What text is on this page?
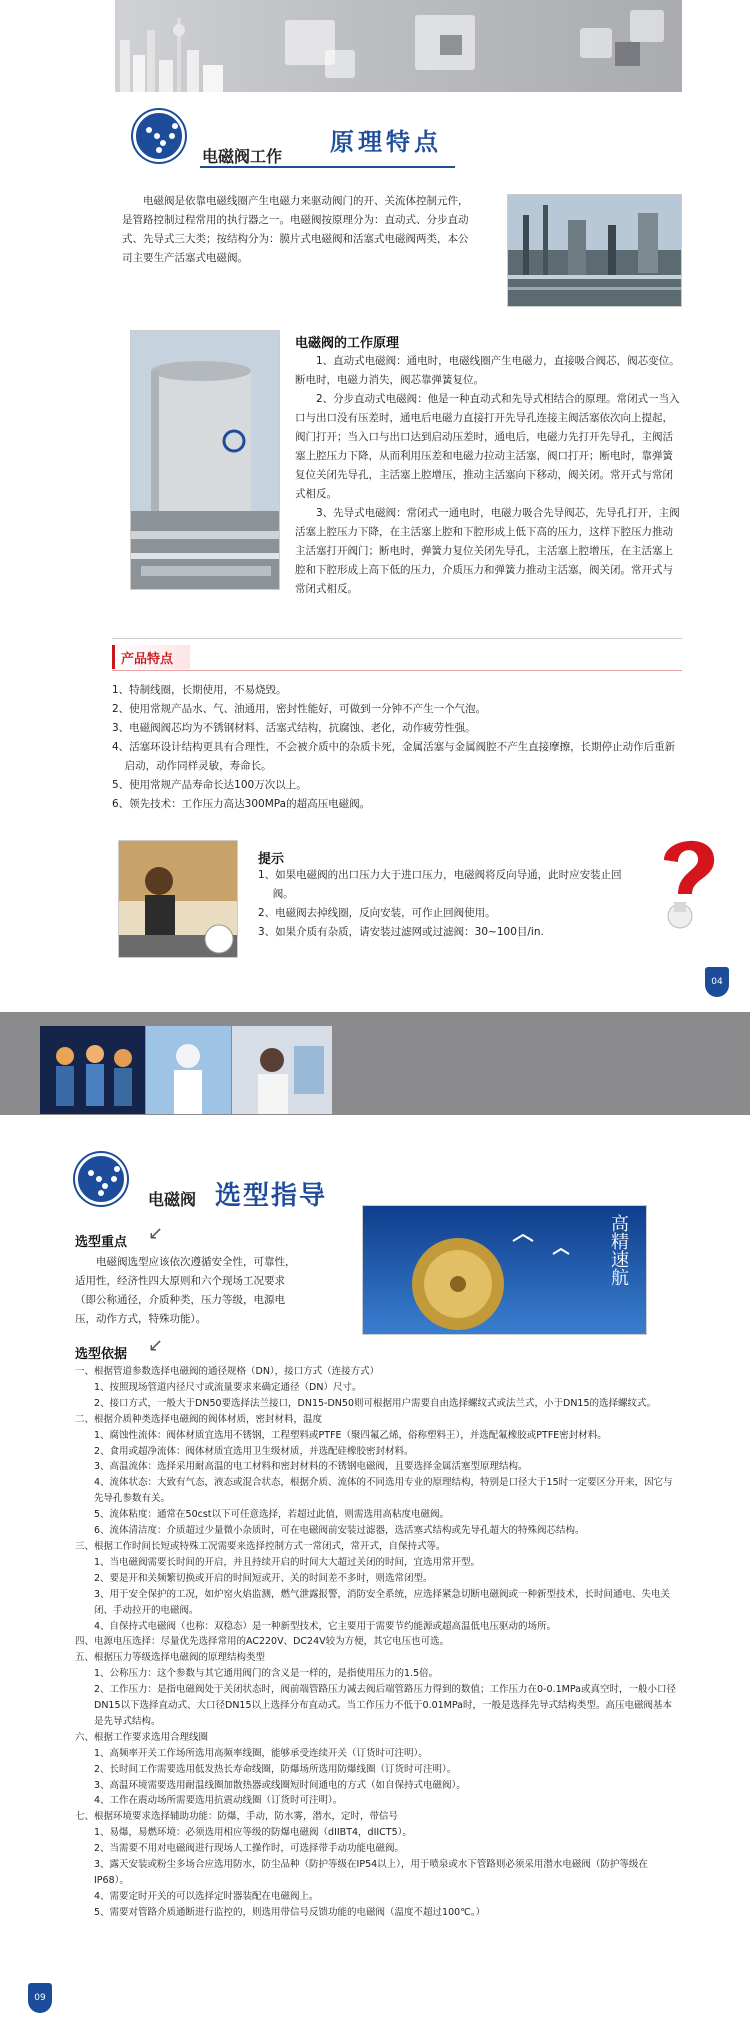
电磁阀工作
原理特点

电磁阀是依靠电磁线圈产生电磁力来驱动阀门的开、关流体控制元件，是管路控制过程常用的执行器之一。电磁阀按原理分为：直动式、分步直动式、先导式三大类；按结构分为：膜片式电磁阀和活塞式电磁阀两类，本公司主要生产活塞式电磁阀。

电磁阀的工作原理

1、直动式电磁阀：通电时，电磁线圈产生电磁力，直接吸合阀芯，阀芯变位。断电时，电磁力消失，阀芯靠弹簧复位。

2、分步直动式电磁阀：他是一种直动式和先导式相结合的原理。常闭式一当入口与出口没有压差时，通电后电磁力直接打开先导孔连接主阀活塞依次向上提起，阀门打开；当入口与出口达到启动压差时，通电后，电磁力先打开先导孔，主阀活塞上腔压力下降，从而利用压差和电磁力拉动主活塞，阀口打开；断电时，靠弹簧复位关闭先导孔，主活塞上腔增压，推动主活塞向下移动，阀关闭。常开式与常闭式相反。

3、先导式电磁阀：常闭式一通电时，电磁力吸合先导阀芯，先导孔打开，主阀活塞上腔压力下降，在主活塞上腔和下腔形成上低下高的压力，这样下腔压力推动主活塞打开阀门；断电时，弹簧力复位关闭先导孔，主活塞上腔增压，在主活塞上腔和下腔形成上高下低的压力，介质压力和弹簧力推动主活塞，阀关闭。常开式与常闭式相反。

产品特点

1、特制线圈，长期使用，不易烧毁。

2、使用常规产品水、气、油通用，密封性能好，可做到一分钟不产生一个气泡。

3、电磁阀阀芯均为不锈钢材料、活塞式结构，抗腐蚀、老化，动作疲劳性强。

4、活塞环设计结构更具有合理性，不会被介质中的杂质卡死，金属活塞与金属阀腔不产生直接摩擦，长期停止动作后重新启动，动作同样灵敏，寿命长。

5、使用常规产品寿命长达100万次以上。

6、领先技术：工作压力高达300MPa的超高压电磁阀。

提示

1、如果电磁阀的出口压力大于进口压力，电磁阀将反向导通，此时应安装止回阀。

2、电磁阀去掉线圈，反向安装，可作止回阀使用。

3、如果介质有杂质，请安装过滤网或过滤阀：30~100目/in.

04
电磁阀 选型指导
高精速航
选型重点 ↙

电磁阀选型应该依次遵循安全性，可靠性，适用性，经济性四大原则和六个现场工况要求（即公称通径，介质种类，压力等级，电源电压，动作方式，特殊功能）。

选型依据 ↙

一、根据管道参数选择电磁阀的通径规格（DN），接口方式（连接方式）

1、按照现场管道内径尺寸或流量要求来确定通径（DN）尺寸。

2、接口方式，一般大于DN50要选择法兰接口，DN15-DN50则可根据用户需要自由选择螺纹式或法兰式，小于DN15的选择螺纹式。

二、根据介质种类选择电磁阀的阀体材质，密封材料，温度

1、腐蚀性流体：阀体材质宜选用不锈钢，工程塑料或PTFE（聚四氟乙烯，俗称塑料王），并选配氟橡胶或PTFE密封材料。

2、食用或超净流体：阀体材质宜选用卫生级材质，并选配硅橡胶密封材料。

3、高温流体：选择采用耐高温的电工材料和密封材料的不锈钢电磁阀，且要选择金属活塞型原理结构。

4、流体状态：大致有气态，液态或混合状态，根据介质、流体的不同选用专业的原理结构，特别是口径大于15时一定要区分开来，因它与先导孔参数有关。

5、流体粘度：通常在50cst以下可任意选择，若超过此值，则需选用高粘度电磁阀。

6、流体清洁度：介质超过少量微小杂质时，可在电磁阀前安装过滤器，选活塞式结构或先导孔超大的特殊阀芯结构。

三、根据工作时间长短或特殊工况需要来选择控制方式一常闭式，常开式，自保持式等。

1、当电磁阀需要长时间的开启，并且持续开启的时间大大超过关闭的时间，宜选用常开型。

2、要是开和关频繁切换或开启的时间短或开、关的时间差不多时，则选常闭型。

3、用于安全保护的工况，如炉窑火焰监测，燃气泄露报警，消防安全系统，应选择紧急切断电磁阀或一种新型技术，长时间通电、失电关闭、手动拉开的电磁阀。

4、自保持式电磁阀（也称：双稳态）是一种新型技术，它主要用于需要节约能源或超高温低电压驱动的场所。

四、电源电压选择：尽量优先选择常用的AC220V、DC24V较为方便，其它电压也可选。

五、根据压力等级选择电磁阀的原理结构类型

1、公称压力：这个参数与其它通用阀门的含义是一样的，是指使用压力的1.5倍。

2、工作压力：是指电磁阀处于关闭状态时，阀前端管路压力减去阀后端管路压力得到的数值；工作压力在0-0.1MPa或真空时，一般小口径DN15以下选择直动式、大口径DN15以上选择分布直动式。当工作压力不低于0.01MPa时，一般是选择先导式结构类型。高压电磁阀基本是先导式结构。

六、根据工作要求选用合理线圈

1、高频率开关工作场所选用高频率线圈，能够承受连续开关（订货时可注明）。

2、长时间工作需要选用低发热长寿命线圈，防爆场所选用防爆线圈（订货时可注明）。

3、高温环境需要选用耐温线圈加散热器或线圈短时间通电的方式（如自保持式电磁阀）。

4、工作在震动场所需要选用抗震动线圈（订货时可注明）。

七、根据环境要求选择辅助功能：防爆，手动，防水雾，潜水，定时，带信号

1、易爆，易燃环境：必须选用相应等级的防爆电磁阀（dIIBT4，dIICT5）。

2、当需要不用对电磁阀进行现场人工操作时，可选择带手动功能电磁阀。

3、露天安装或粉尘多场合应选用防水，防尘品种（防护等级在IP54以上），用于喷泉或水下管路则必须采用潜水电磁阀（防护等级在IP68）。

4、需要定时开关的可以选择定时器装配在电磁阀上。

5、需要对管路介质通断进行监控的，则选用带信号反馈功能的电磁阀（温度不超过100℃。）

09
